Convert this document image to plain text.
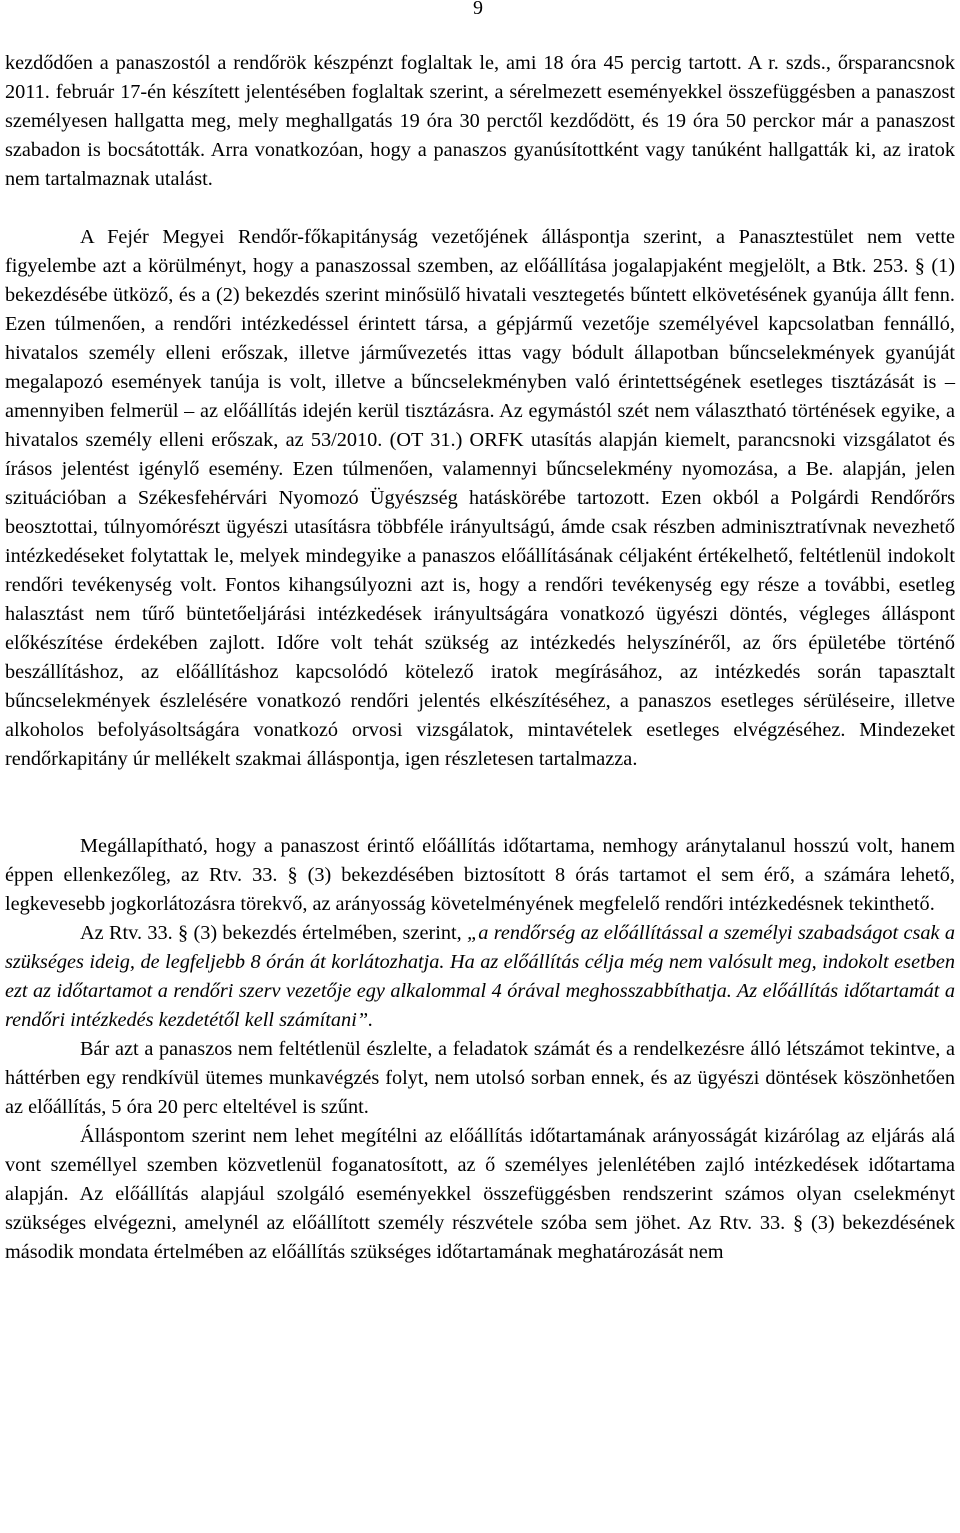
9

kezdődően a panaszostól a rendőrök készpénzt foglaltak le, ami 18 óra 45 percig tartott. A r. szds., őrsparancsnok 2011. február 17-én készített jelentésében foglaltak szerint, a sérelmezett eseményekkel összefüggésben a panaszost személyesen hallgatta meg, mely meghallgatás 19 óra 30 perctől kezdődött, és 19 óra 50 perckor már a panaszost szabadon is bocsátották. Arra vonatkozóan, hogy a panaszos gyanúsítottként vagy tanúként hallgatták ki, az iratok nem tartalmaznak utalást.

A Fejér Megyei Rendőr-főkapitányság vezetőjének álláspontja szerint, a Panasztestület nem vette figyelembe azt a körülményt, hogy a panaszossal szemben, az előállítása jogalapjaként megjelölt, a Btk. 253. § (1) bekezdésébe ütköző, és a (2) bekezdés szerint minősülő hivatali vesztegetés bűntett elkövetésének gyanúja állt fenn. Ezen túlmenően, a rendőri intézkedéssel érintett társa, a gépjármű vezetője személyével kapcsolatban fennálló, hivatalos személy elleni erőszak, illetve járművezetés ittas vagy bódult állapotban bűncselekmények gyanúját megalapozó események tanúja is volt, illetve a bűncselekményben való érintettségének esetleges tisztázását is – amennyiben felmerül – az előállítás idején kerül tisztázásra. Az egymástól szét nem választható történések egyike, a hivatalos személy elleni erőszak, az 53/2010. (OT 31.) ORFK utasítás alapján kiemelt, parancsnoki vizsgálatot és írásos jelentést igénylő esemény. Ezen túlmenően, valamennyi bűncselekmény nyomozása, a Be. alapján, jelen szituációban a Székesfehérvári Nyomozó Ügyészség hatáskörébe tartozott. Ezen okból a Polgárdi Rendőrőrs beosztottai, túlnyomórészt ügyészi utasításra többféle irányultságú, ámde csak részben adminisztratívnak nevezhető intézkedéseket folytattak le, melyek mindegyike a panaszos előállításának céljaként értékelhető, feltétlenül indokolt rendőri tevékenység volt. Fontos kihangsúlyozni azt is, hogy a rendőri tevékenység egy része a további, esetleg halasztást nem tűrő büntetőeljárási intézkedések irányultságára vonatkozó ügyészi döntés, végleges álláspont előkészítése érdekében zajlott. Időre volt tehát szükség az intézkedés helyszínéről, az őrs épületébe történő beszállításhoz, az előállításhoz kapcsolódó kötelező iratok megírásához, az intézkedés során tapasztalt bűncselekmények észlelésére vonatkozó rendőri jelentés elkészítéséhez, a panaszos esetleges sérüléseire, illetve alkoholos befolyásoltságára vonatkozó orvosi vizsgálatok, mintavételek esetleges elvégzéséhez. Mindezeket rendőrkapitány úr mellékelt szakmai álláspontja, igen részletesen tartalmazza.

Megállapítható, hogy a panaszost érintő előállítás időtartama, nemhogy aránytalanul hosszú volt, hanem éppen ellenkezőleg, az Rtv. 33. § (3) bekezdésében biztosított 8 órás tartamot el sem érő, a számára lehető, legkevesebb jogkorlátozásra törekvő, az arányosság követelményének megfelelő rendőri intézkedésnek tekinthető.

Az Rtv. 33. § (3) bekezdés értelmében, szerint, „a rendőrség az előállítással a személyi szabadságot csak a szükséges ideig, de legfeljebb 8 órán át korlátozhatja. Ha az előállítás célja még nem valósult meg, indokolt esetben ezt az időtartamot a rendőri szerv vezetője egy alkalommal 4 órával meghosszabbíthatja. Az előállítás időtartamát a rendőri intézkedés kezdetétől kell számítani”.

Bár azt a panaszos nem feltétlenül észlelte, a feladatok számát és a rendelkezésre álló létszámot tekintve, a háttérben egy rendkívül ütemes munkavégzés folyt, nem utolsó sorban ennek, és az ügyészi döntések köszönhetően az előállítás, 5 óra 20 perc elteltével is szűnt.

Álláspontom szerint nem lehet megítélni az előállítás időtartamának arányosságát kizárólag az eljárás alá vont személlyel szemben közvetlenül foganatosított, az ő személyes jelenlétében zajló intézkedések időtartama alapján. Az előállítás alapjául szolgáló eseményekkel összefüggésben rendszerint számos olyan cselekményt szükséges elvégezni, amelynél az előállított személy részvétele szóba sem jöhet. Az Rtv. 33. § (3) bekezdésének második mondata értelmében az előállítás szükséges időtartamának meghatározását nem
